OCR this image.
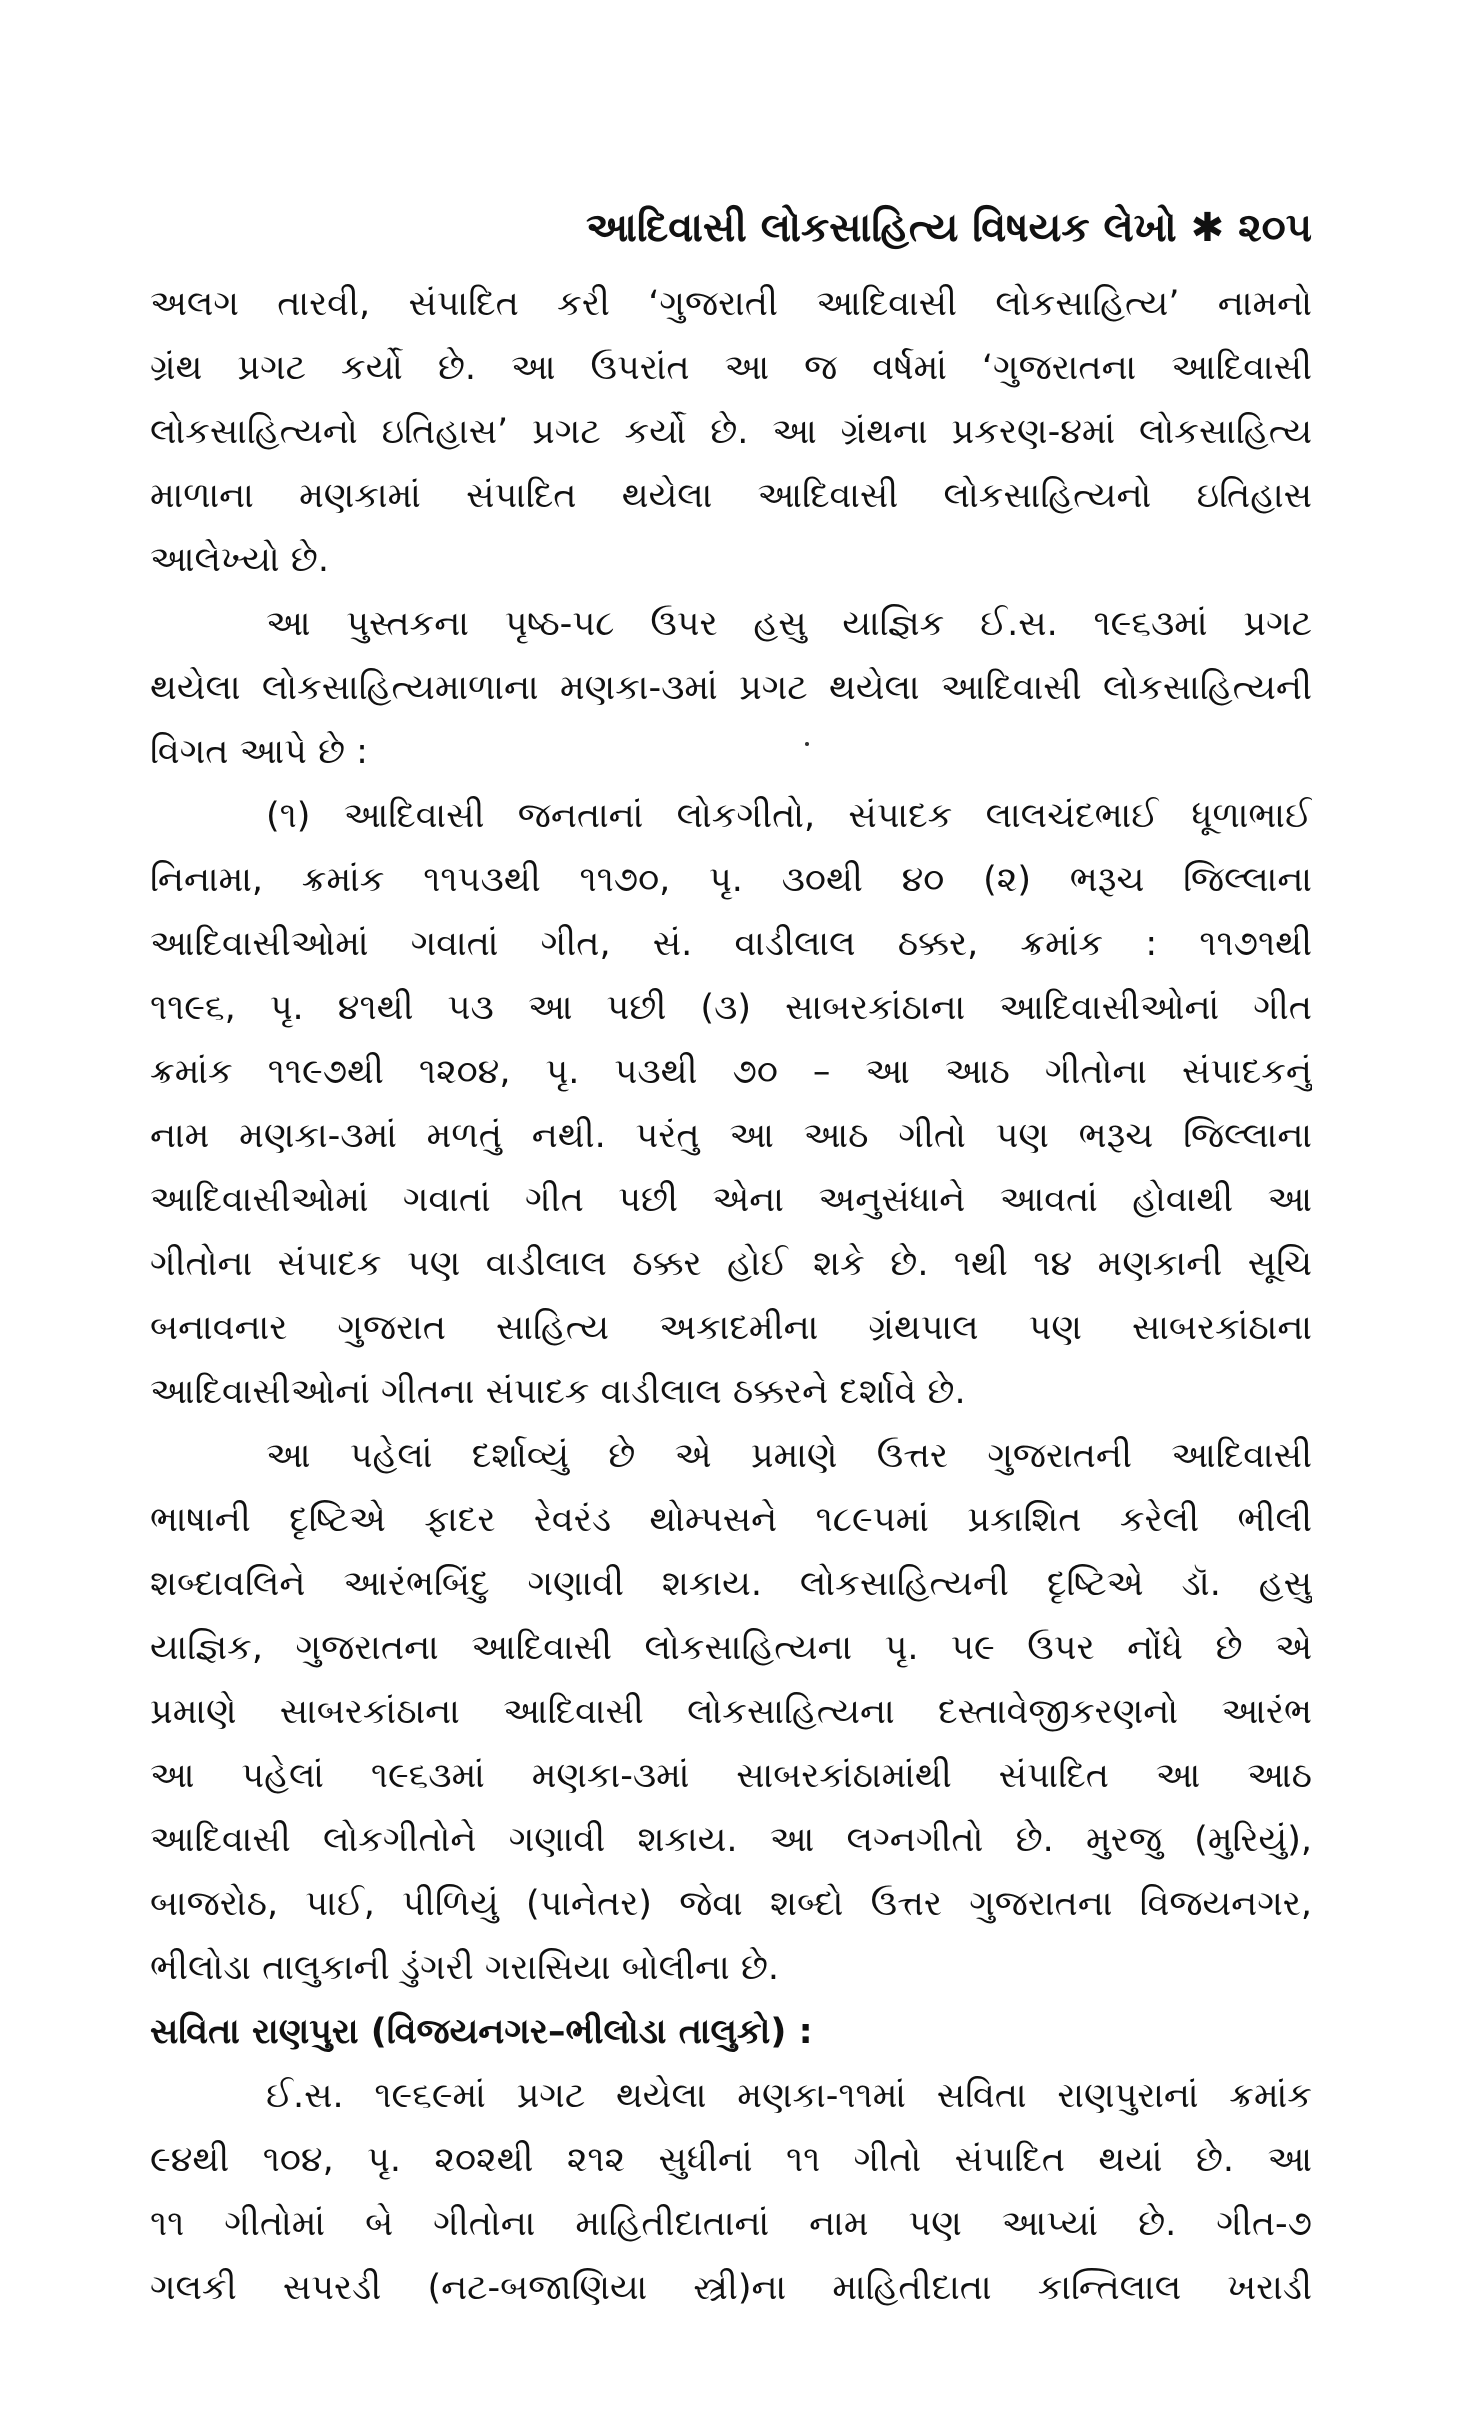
આદિવાસી લોકસાહિત્ય વિષયક લેખો ✱ ૨૦૫
અલગ તારવી, સંપાદિત કરી ‘ગુજરાતી આદિવાસી લોકસાહિત્ય’ નામનો
ગ્રંથ પ્રગટ કર્યો છે. આ ઉપરાંત આ જ વર્ષમાં ‘ગુજરાતના આદિવાસી
લોકસાહિત્યનો ઇતિહાસ’ પ્રગટ કર્યો છે. આ ગ્રંથના પ્રકરણ-૪માં લોકસાહિત્ય
માળાના મણકામાં સંપાદિત થયેલા આદિવાસી લોકસાહિત્યનો ઇતિહાસ
આલેખ્યો છે.
આ પુસ્તકના પૃષ્ઠ-૫૮ ઉપર હસુ યાજ્ઞિક ઈ.સ. ૧૯૬૩માં પ્રગટ
થયેલા લોકસાહિત્યમાળાના મણકા-૩માં પ્રગટ થયેલા આદિવાસી લોકસાહિત્યની
વિગત આપે છે :
(૧) આદિવાસી જનતાનાં લોકગીતો, સંપાદક લાલચંદભાઈ ધૂળાભાઈ
નિનામા, ક્રમાંક ૧૧૫૩થી ૧૧૭૦, પૃ. ૩૦થી ૪૦ (૨) ભરૂચ જિલ્લાના
આદિવાસીઓમાં ગવાતાં ગીત, સં. વાડીલાલ ઠક્કર, ક્રમાંક : ૧૧૭૧થી
૧૧૯૬, પૃ. ૪૧થી ૫૩ આ પછી (૩) સાબરકાંઠાના આદિવાસીઓનાં ગીત
ક્રમાંક ૧૧૯૭થી ૧૨૦૪, પૃ. ૫૩થી ૭૦ – આ આઠ ગીતોના સંપાદકનું
નામ મણકા-૩માં મળતું નથી. પરંતુ આ આઠ ગીતો પણ ભરૂચ જિલ્લાના
આદિવાસીઓમાં ગવાતાં ગીત પછી એના અનુસંધાને આવતાં હોવાથી આ
ગીતોના સંપાદક પણ વાડીલાલ ઠક્કર હોઈ શકે છે. ૧થી ૧૪ મણકાની સૂચિ
બનાવનાર ગુજરાત સાહિત્ય અકાદમીના ગ્રંથપાલ પણ સાબરકાંઠાના
આદિવાસીઓનાં ગીતના સંપાદક વાડીલાલ ઠક્કરને દર્શાવે છે.
આ પહેલાં દર્શાવ્યું છે એ પ્રમાણે ઉત્તર ગુજરાતની આદિવાસી
ભાષાની દૃષ્ટિએ ફાદર રેવરંડ થોમ્પસને ૧૮૯૫માં પ્રકાશિત કરેલી ભીલી
શબ્દાવલિને આરંભબિંદુ ગણાવી શકાય. લોકસાહિત્યની દૃષ્ટિએ ડૉ. હસુ
યાજ્ઞિક, ગુજરાતના આદિવાસી લોકસાહિત્યના પૃ. ૫૯ ઉપર નોંધે છે એ
પ્રમાણે સાબરકાંઠાના આદિવાસી લોકસાહિત્યના દસ્તાવેજીકરણનો આરંભ
આ પહેલાં ૧૯૬૩માં મણકા-૩માં સાબરકાંઠામાંથી સંપાદિત આ આઠ
આદિવાસી લોકગીતોને ગણાવી શકાય. આ લગ્નગીતો છે. મુરજુ (મુરિયું),
બાજરોઠ, પાઈ, પીળિયું (પાનેતર) જેવા શબ્દો ઉત્તર ગુજરાતના વિજયનગર,
ભીલોડા તાલુકાની ડુંગરી ગરાસિયા બોલીના છે.
સવિતા રાણપુરા (વિજયનગર–ભીલોડા તાલુકો) :
ઈ.સ. ૧૯૬૯માં પ્રગટ થયેલા મણકા-૧૧માં સવિતા રાણપુરાનાં ક્રમાંક
૯૪થી ૧૦૪, પૃ. ૨૦૨થી ૨૧૨ સુધીનાં ૧૧ ગીતો સંપાદિત થયાં છે. આ
૧૧ ગીતોમાં બે ગીતોના માહિતીદાતાનાં નામ પણ આપ્યાં છે. ગીત-૭
ગલકી સપરડી (નટ-બજાણિયા સ્ત્રી)ના માહિતીદાતા કાન્તિલાલ ખરાડી
